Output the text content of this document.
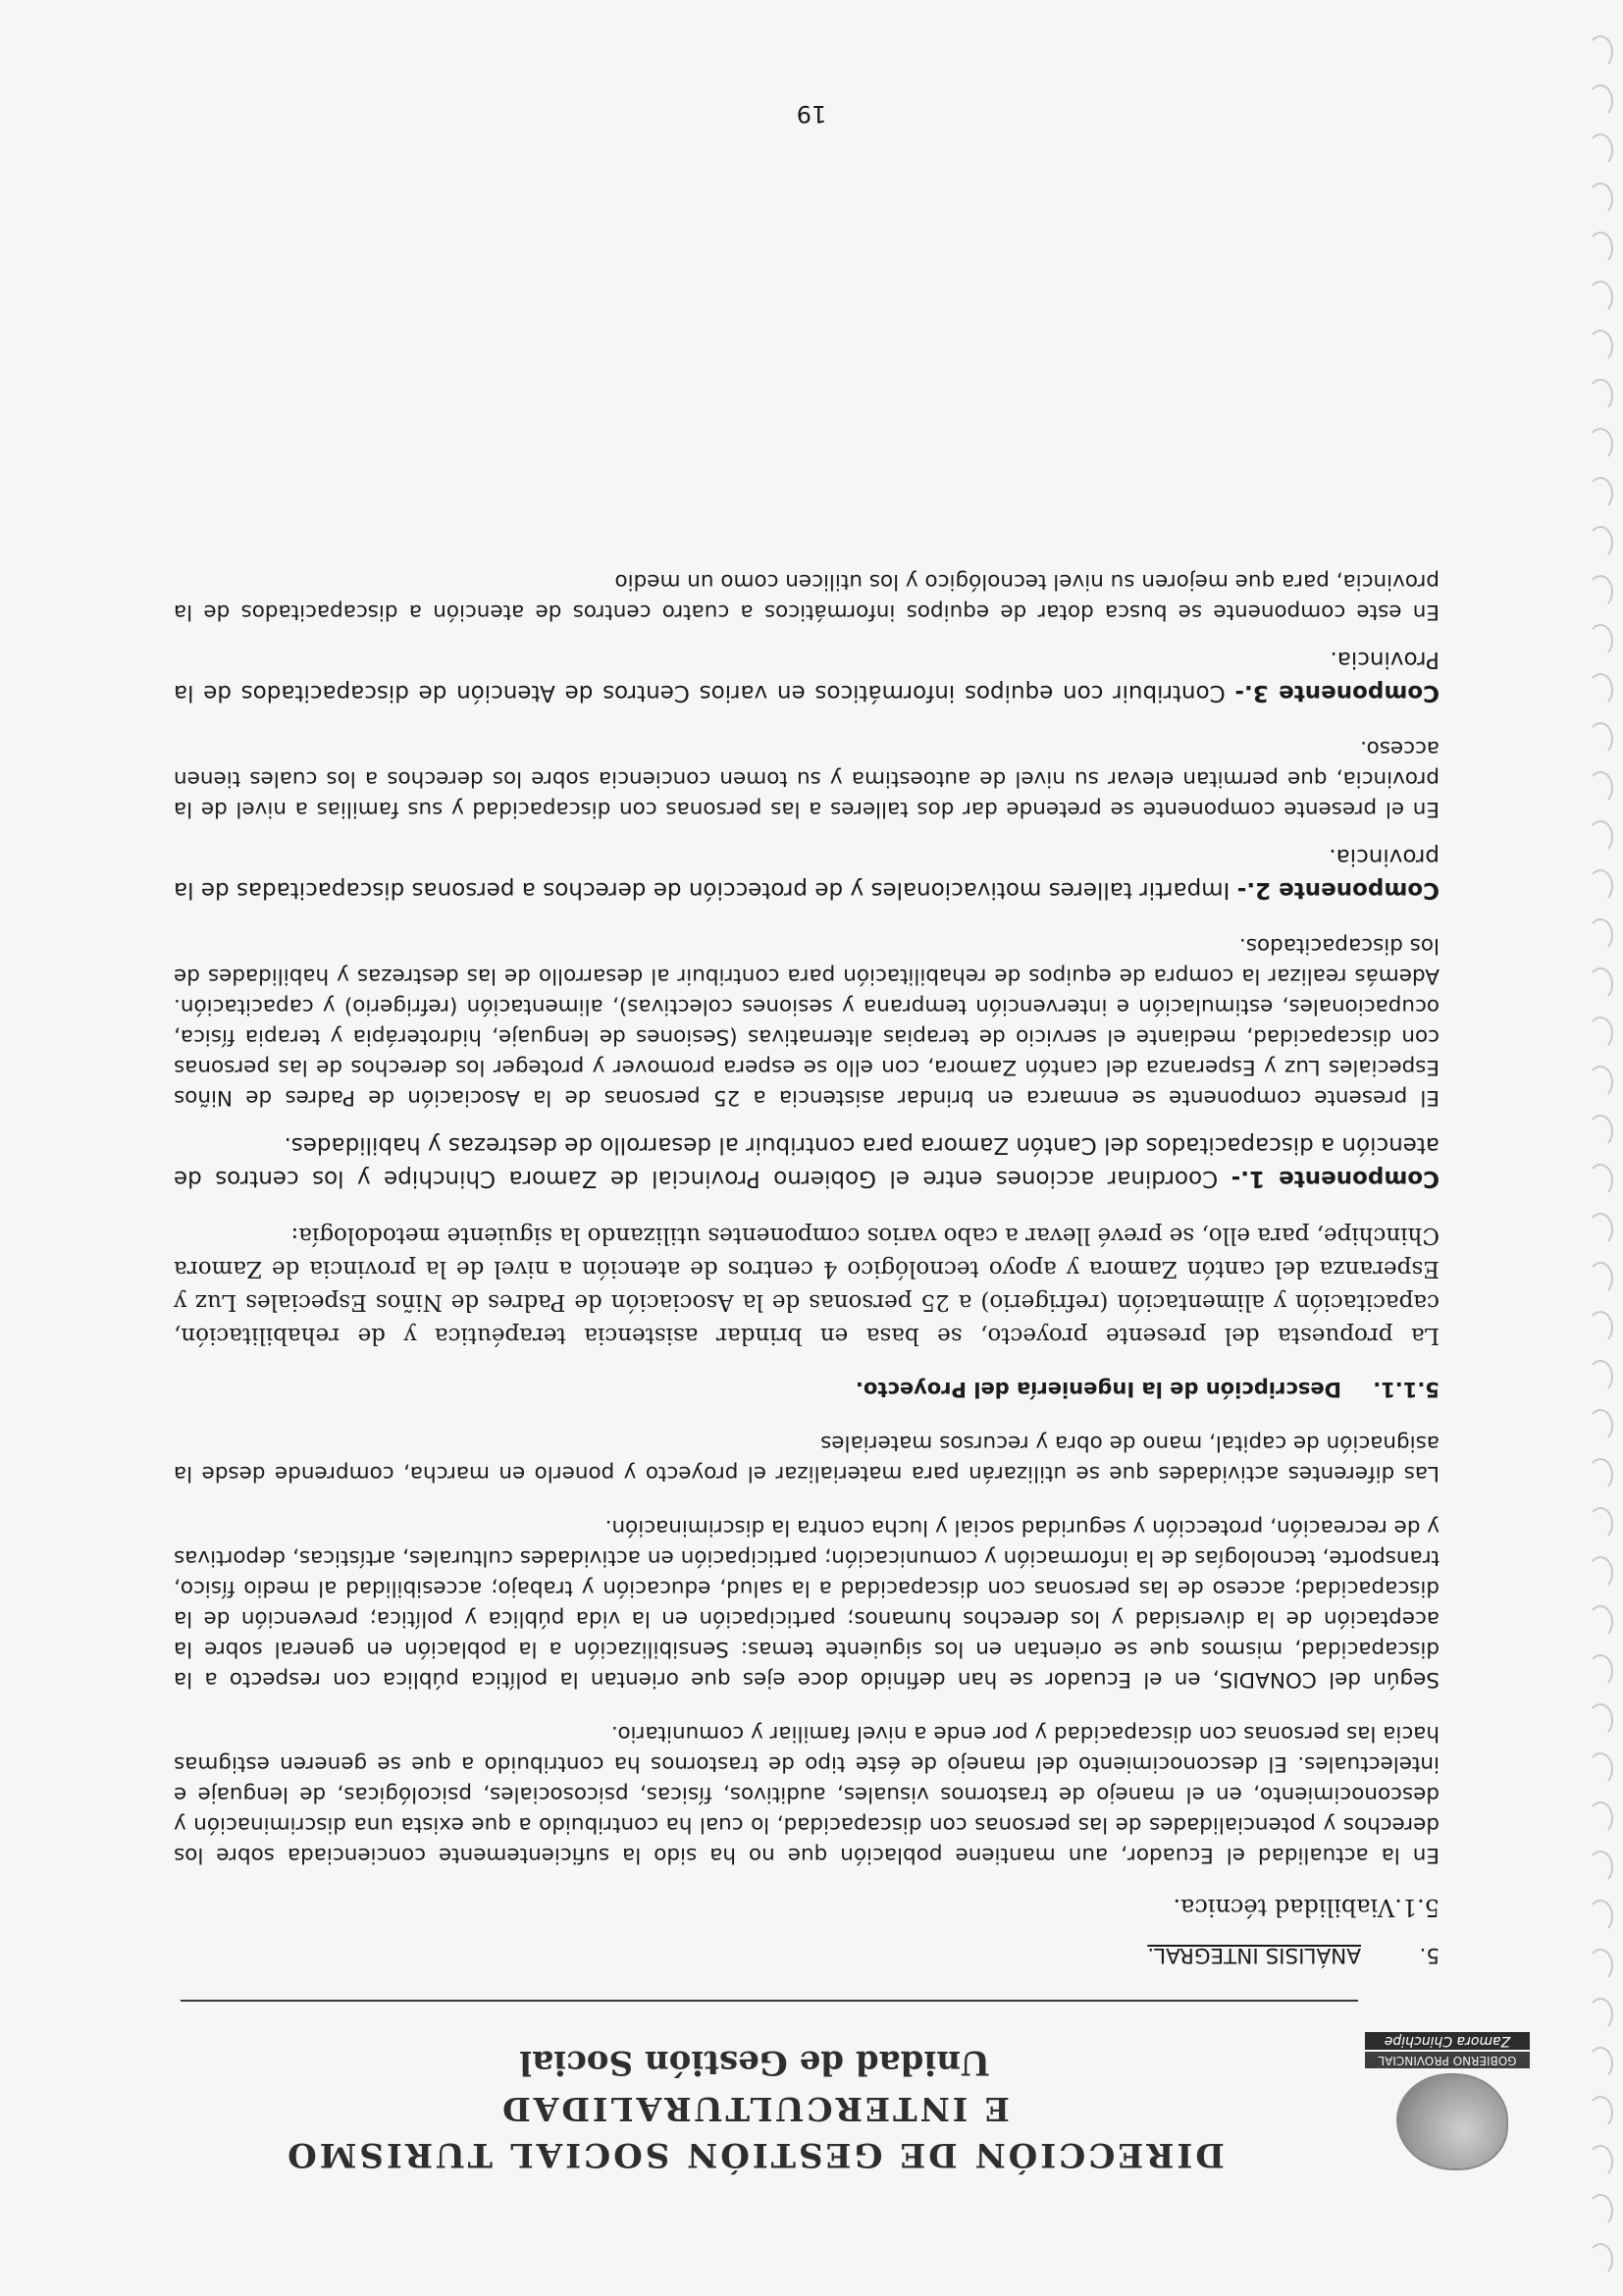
GOBIERNO PROVINCIAL
Zamora Chinchipe
DIRECCIÓN DE GESTIÓN SOCIAL TURISMO
E INTERCULTURALIDAD
Unidad de Gestión Social
5.ANÁLISIS INTEGRAL.
5.1.Viabilidad técnica.

En la actualidad el Ecuador, aun mantiene población que no ha sido la suficientemente concienciada sobre los derechos y potencialidades de las personas con discapacidad, lo cual ha contribuido a que exista una discriminación y desconocimiento, en el manejo de trastornos visuales, auditivos, físicas, psicosociales, psicológicas, de lenguaje e intelectuales. El desconocimiento del manejo de éste tipo de trastornos ha contribuido a que se generen estigmas hacia las personas con discapacidad y por ende a nivel familiar y comunitario.

Según del CONADIS, en el Ecuador se han definido doce ejes que orientan la política pública con respecto a la discapacidad, mismos que se orientan en los siguiente temas: Sensibilización a la población en general sobre la aceptación de la diversidad y los derechos humanos; participación en la vida pública y política; prevención de la discapacidad; acceso de las personas con discapacidad a la salud, educación y trabajo; accesibilidad al medio físico, transporte, tecnologías de la información y comunicación; participación en actividades culturales, artísticas, deportivas y de recreación, protección y seguridad social y lucha contra la discriminación.

Las diferentes actividades que se utilizarán para materializar el proyecto y ponerlo en marcha, comprende desde la asignación de capital, mano de obra y recursos materiales

5.1.1.Descripción de la Ingeniería del Proyecto.

La propuesta del presente proyecto, se basa en brindar asistencia terapéutica y de rehabilitación, capacitación y alimentación (refrigerio) a 25 personas de la Asociación de Padres de Niños Especiales Luz y Esperanza del cantón Zamora y apoyo tecnológico 4 centros de atención a nivel de la provincia de Zamora Chinchipe, para ello, se prevé llevar a cabo varios componentes utilizando la siguiente metodología:

Componente 1.- Coordinar acciones entre el Gobierno Provincial de Zamora Chinchipe y los centros de atención a discapacitados del Cantón Zamora para contribuir al desarrollo de destrezas y habilidades.

El presente componente se enmarca en brindar asistencia a 25 personas de la Asociación de Padres de Niños Especiales Luz y Esperanza del cantón Zamora, con ello se espera promover y proteger los derechos de las personas con discapacidad, mediante el servicio de terapias alternativas (Sesiones de lenguaje, hidroterápia y terapia física, ocupacionales, estimulación e intervención temprana y sesiones colectivas), alimentación (refrigerio) y capacitación. Además realizar la compra de equipos de rehabilitación para contribuir al desarrollo de las destrezas y habilidades de los discapacitados.

Componente 2.- Impartir talleres motivacionales y de protección de derechos a personas discapacitadas de la provincia.

En el presente componente se pretende dar dos talleres a las personas con discapacidad y sus familias a nivel de la provincia, que permitan elevar su nivel de autoestima y su tomen conciencia sobre los derechos a los cuales tienen acceso.

Componente 3.- Contribuir con equipos informáticos en varios Centros de Atención de discapacitados de la Provincia.

En este componente se busca dotar de equipos informáticos a cuatro centros de atención a discapacitados de la provincia, para que mejoren su nivel tecnológico y los utilicen como un medio

19
